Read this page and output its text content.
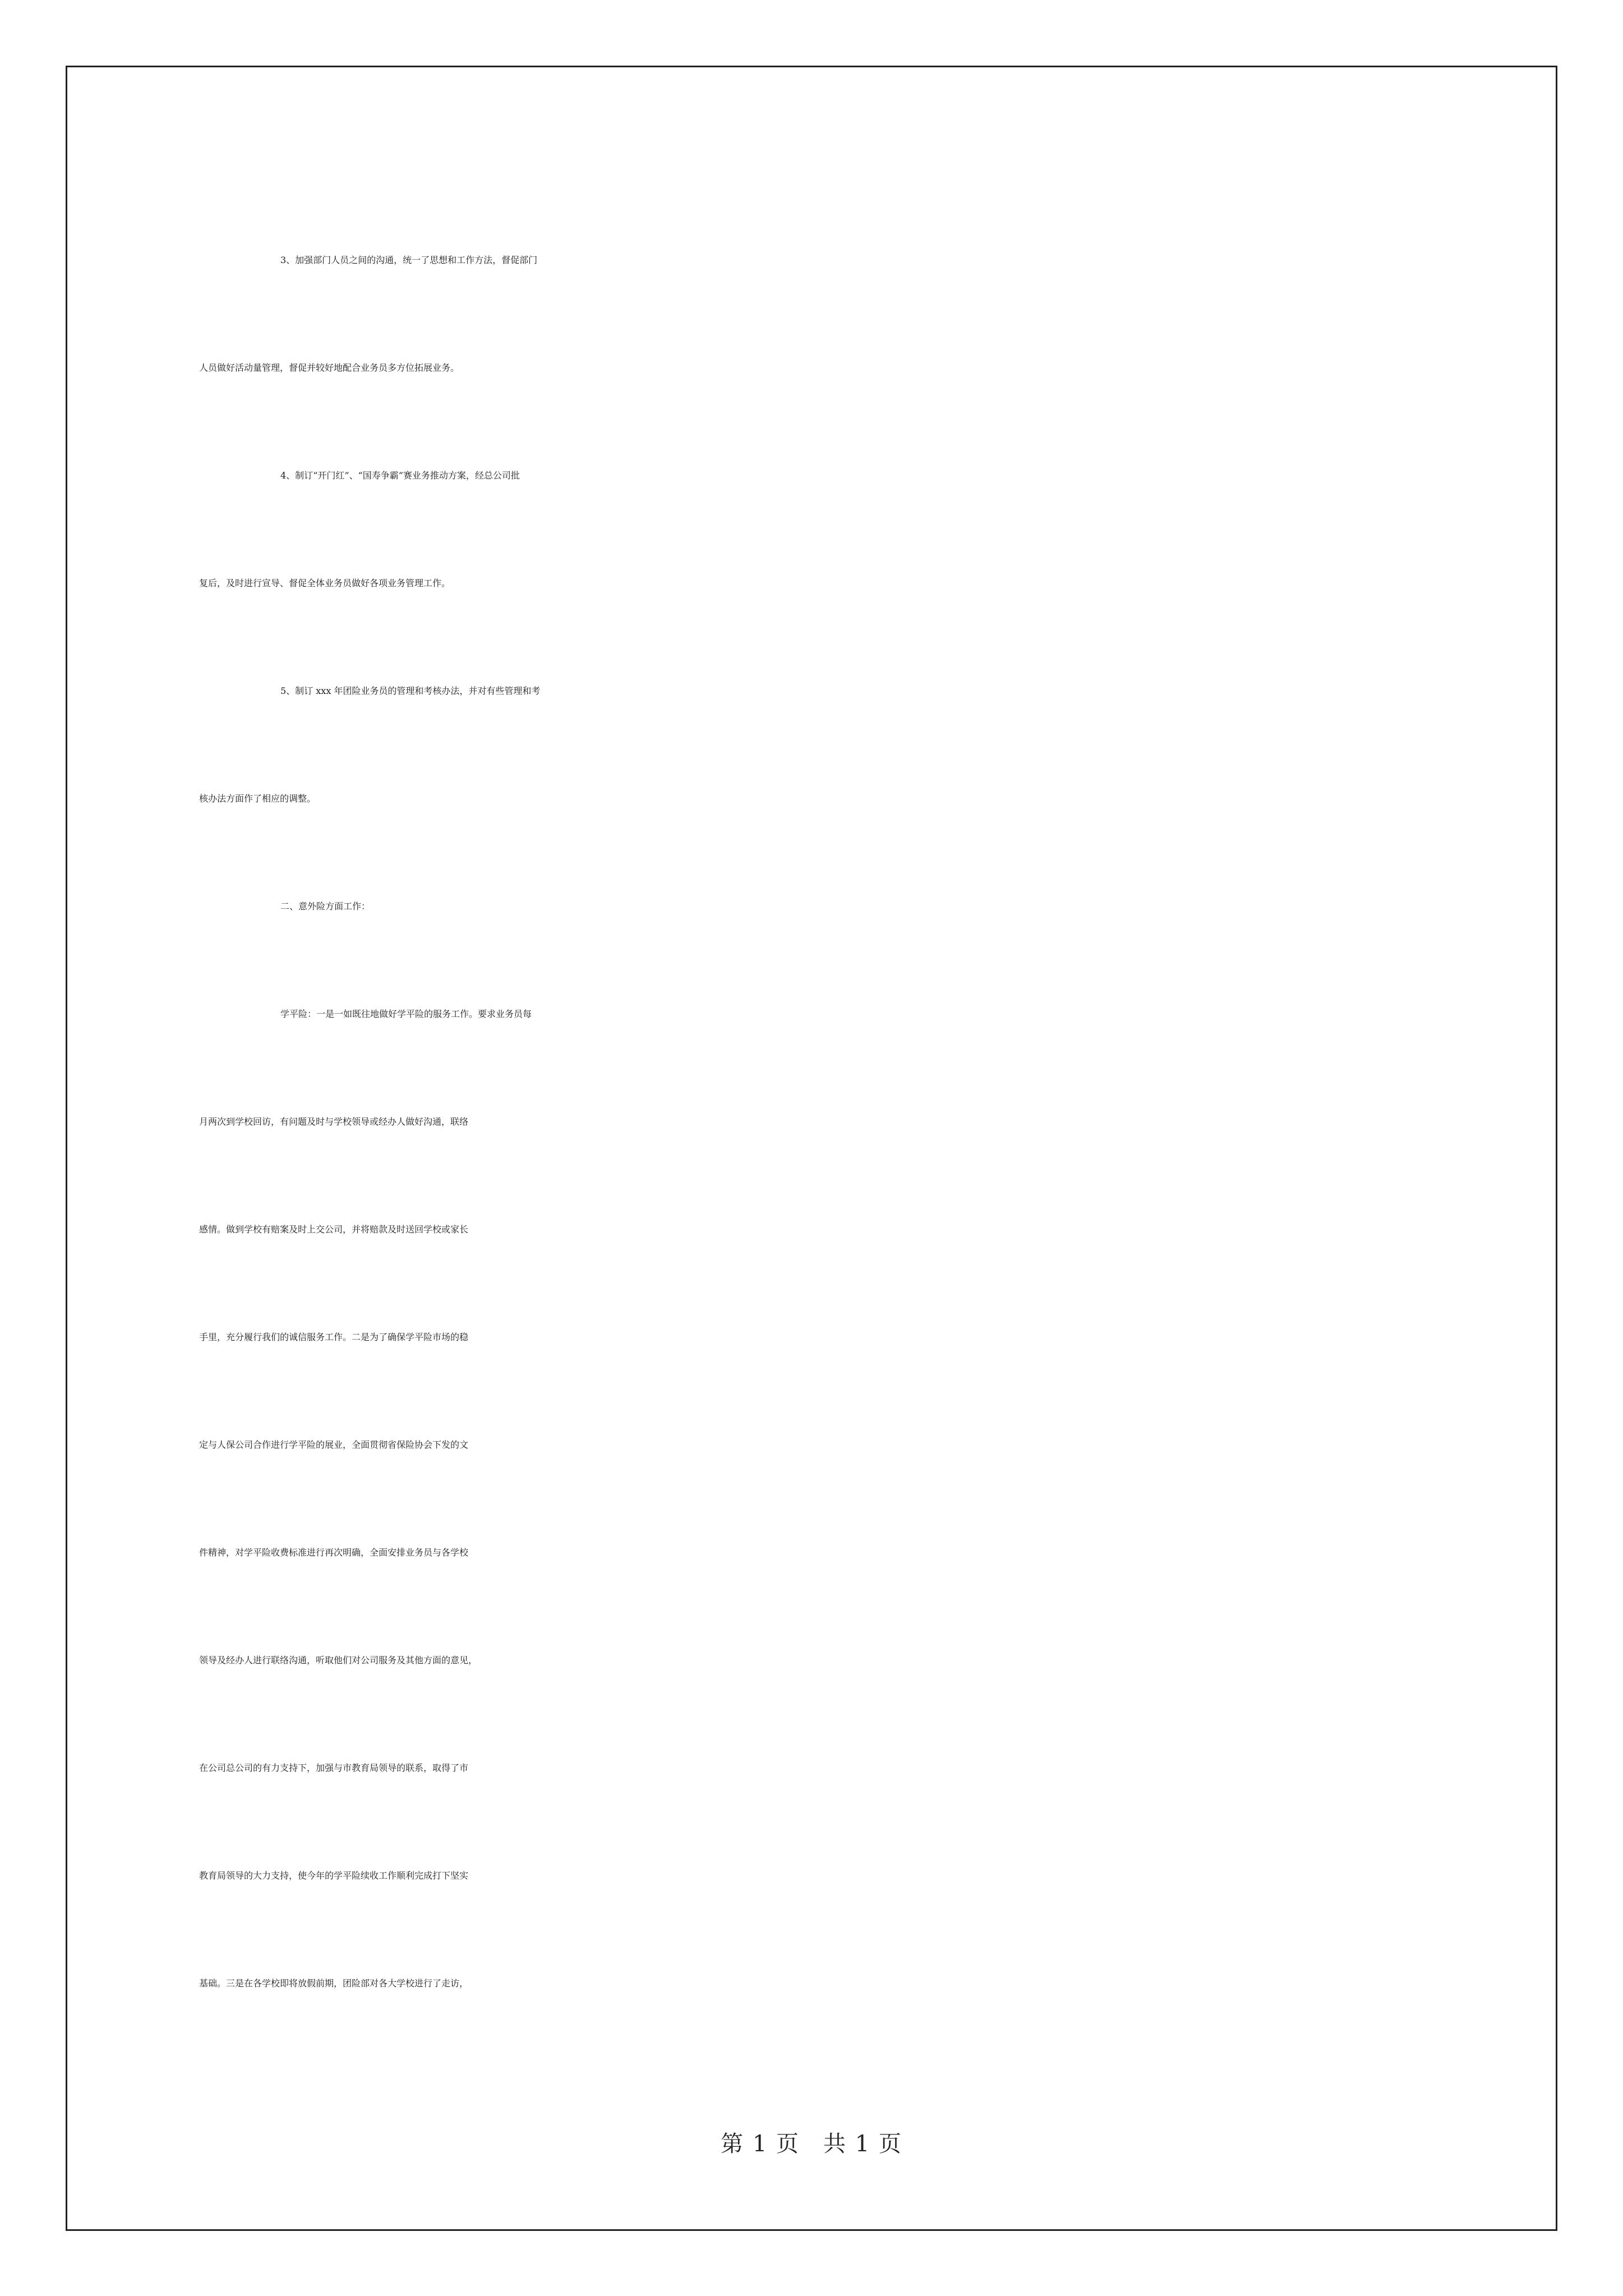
3、加强部门人员之间的沟通，统一了思想和工作方法，督促部门
人员做好活动量管理，督促并较好地配合业务员多方位拓展业务。
4、制订“开门红”、“国寿争霸”赛业务推动方案，经总公司批
复后，及时进行宣导、督促全体业务员做好各项业务管理工作。
5、制订 xxx 年团险业务员的管理和考核办法，并对有些管理和考
核办法方面作了相应的调整。
二、意外险方面工作：
学平险：一是一如既往地做好学平险的服务工作。要求业务员每
月两次到学校回访，有问题及时与学校领导或经办人做好沟通，联络
感情。做到学校有赔案及时上交公司，并将赔款及时送回学校或家长
手里，充分履行我们的诚信服务工作。二是为了确保学平险市场的稳
定与人保公司合作进行学平险的展业，全面贯彻省保险协会下发的文
件精神，对学平险收费标准进行再次明确，全面安排业务员与各学校
领导及经办人进行联络沟通，听取他们对公司服务及其他方面的意见，
在公司总公司的有力支持下，加强与市教育局领导的联系，取得了市
教育局领导的大力支持，使今年的学平险续收工作顺利完成打下坚实
基础。三是在各学校即将放假前期，团险部对各大学校进行了走访，
第 1 页　共 1 页
